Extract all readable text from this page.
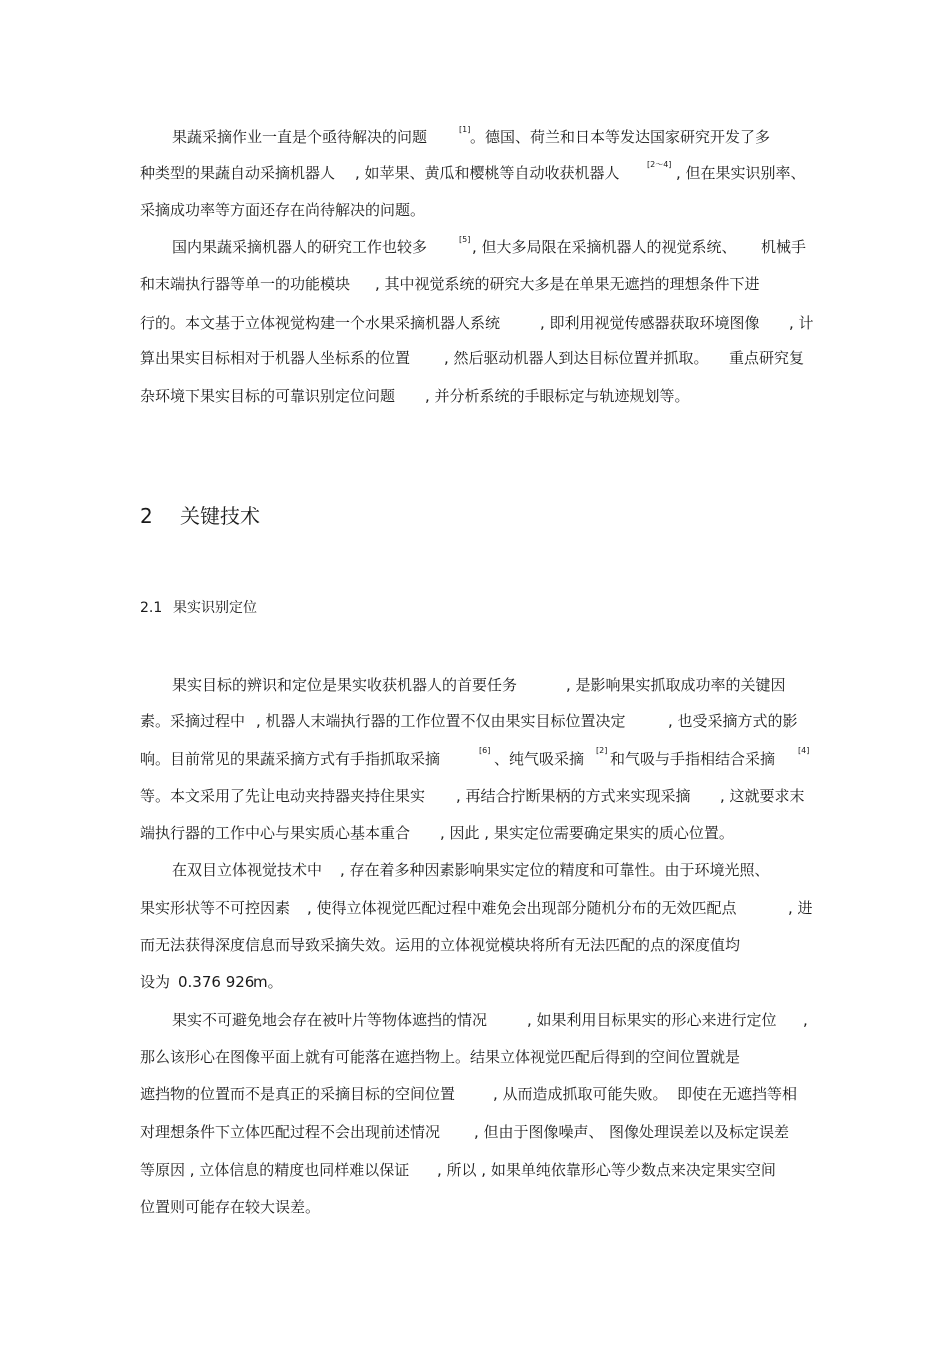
果蔬采摘作业一直是个亟待解决的问题	[1] 。德国、荷兰和日本等发达国家研究开发了多
种类型的果蔬自动采摘机器人 , 如苹果、黄瓜和樱桃等自动收获机器人	[2～4] , 但在果实识别率、
采摘成功率等方面还存在尚待解决的问题。
国内果蔬采摘机器人的研究工作也较多	[5] , 但大多局限在采摘机器人的视觉系统、 机械手
和末端执行器等单一的功能模块 , 其中视觉系统的研究大多是在单果无遮挡的理想条件下进
行的。本文基于立体视觉构建一个水果采摘机器人系统	, 即利用视觉传感器获取环境图像 , 计
算出果实目标相对于机器人坐标系的位置 , 然后驱动机器人到达目标位置并抓取。 重点研究复
杂环境下果实目标的可靠识别定位问题 , 并分析系统的手眼标定与轨迹规划等。
2 关键技术
2.1 果实识别定位
果实目标的辨识和定位是果实收获机器人的首要任务	, 是影响果实抓取成功率的关键因
素。采摘过程中 , 机器人末端执行器的工作位置不仅由果实目标位置决定	, 也受采摘方式的影
响。目前常见的果蔬采摘方式有手指抓取采摘	[6] 、纯气吸采摘 [2] 和气吸与手指相结合采摘	[4]
等。本文采用了先让电动夹持器夹持住果实 , 再结合拧断果柄的方式来实现采摘 , 这就要求末
端执行器的工作中心与果实质心基本重合 , 因此 , 果实定位需要确定果实的质心位置。
在双目立体视觉技术中 , 存在着多种因素影响果实定位的精度和可靠性。由于环境光照、
果实形状等不可控因素 , 使得立体视觉匹配过程中难免会出现部分随机分布的无效匹配点	, 进
而无法获得深度信息而导致采摘失效。运用的立体视觉模块将所有无法匹配的点的深度值均
设为 0.376 926
m。
果实不可避免地会存在被叶片等物体遮挡的情况	, 如果利用目标果实的形心来进行定位 ,
那么该形心在图像平面上就有可能落在遮挡物上。结果立体视觉匹配后得到的空间位置就是
遮挡物的位置而不是真正的采摘目标的空间位置	, 从而造成抓取可能失败。 即使在无遮挡等相
对理想条件下立体匹配过程不会出现前述情况 , 但由于图像噪声、 图像处理误差以及标定误差
等原因 , 立体信息的精度也同样难以保证 , 所以 , 如果单纯依靠形心等少数点来决定果实空间
位置则可能存在较大误差。
